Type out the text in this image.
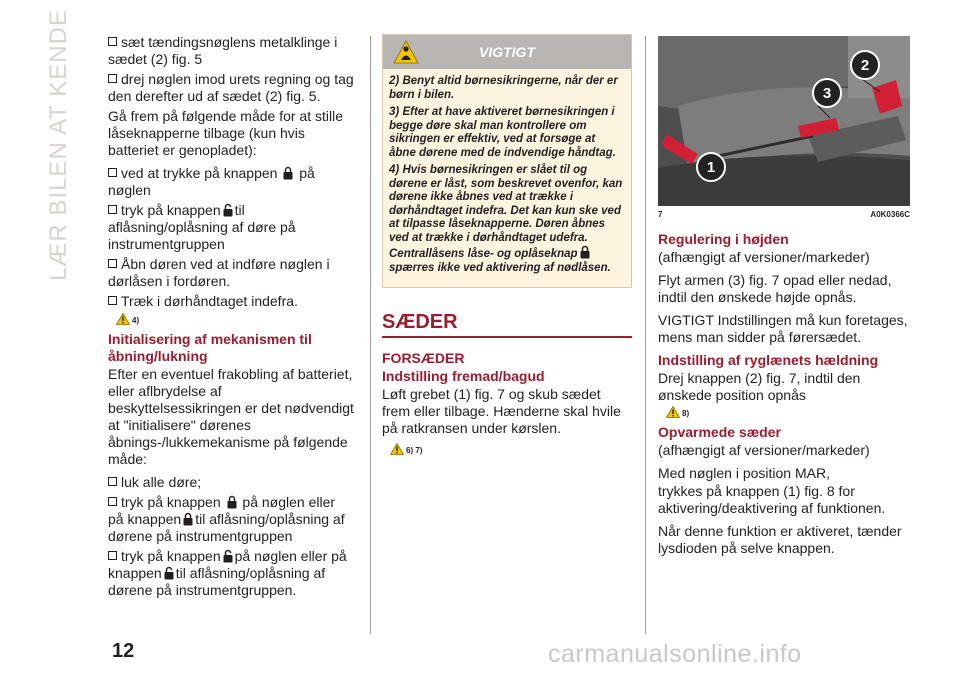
LÆR BILEN AT KENDE	sæt tændingsnøglens metalklinge i sædet (2) fig. 5

drej nøglen imod urets regning og tag den derefter ud af sædet (2) fig. 5.

Gå frem på følgende måde for at stille låseknapperne tilbage (kun hvis batteriet er genopladet):

ved at trykke på knappen på nøglen

tryk på knappen til aflåsning/oplåsning af døre på instrumentgruppen

Åbn døren ved at indføre nøglen i dørlåsen i fordøren.

Træk i dørhåndtaget indefra.

4)
Initialisering af mekanismen til åbning/lukning

Efter en eventuel frakobling af batteriet, eller aflbrydelse af beskyttelsessikringen er det nødvendigt at "initialisere" dørenes åbnings-/lukkemekanisme på følgende måde:

luk alle døre;

tryk på knappen på nøglen eller
på knappen til aflåsning/oplåsning af dørene på instrumentgruppen

tryk på knappen på nøglen eller på
knappen til aflåsning/oplåsning af dørene på instrumentgruppen.

VIGTIGT

2) Benyt altid børnesikringerne, når der er børn i bilen.

3) Efter at have aktiveret børnesikringen i begge døre skal man kontrollere om sikringen er effektiv, ved at forsøge at åbne dørene med de indvendige håndtag.

4) Hvis børnesikringen er slået til og dørene er låst, som beskrevet ovenfor, kan dørene ikke åbnes ved at trække i dørhåndtaget indefra. Det kan kun ske ved at tilpasse låseknapperne. Døren åbnes ved at trække i dørhåndtaget udefra. Centrallåsens låse- og oplåseknap
spærres ikke ved aktivering af nødlåsen.

SÆDER
FORSÆDER
Indstilling fremad/bagud

Løft grebet (1) fig. 7 og skub sædet frem eller tilbage. Hænderne skal hvile på ratkransen under kørslen.

6) 7)
1
3
2
7	A0K0366C
Regulering i højden

(afhængigt af versioner/markeder)

Flyt armen (3) fig. 7 opad eller nedad, indtil den ønskede højde opnås.

VIGTIGT Indstillingen må kun foretages, mens man sidder på førersædet.

Indstilling af ryglænets hældning

Drej knappen (2) fig. 7, indtil den ønskede position opnås

8)
Opvarmede sæder

(afhængigt af versioner/markeder)

Med nøglen i position MAR,

trykkes på knappen (1) fig. 8 for aktivering/deaktivering af funktionen.

Når denne funktion er aktiveret, tænder lysdioden på selve knappen.

12	carmanualsonline.info
